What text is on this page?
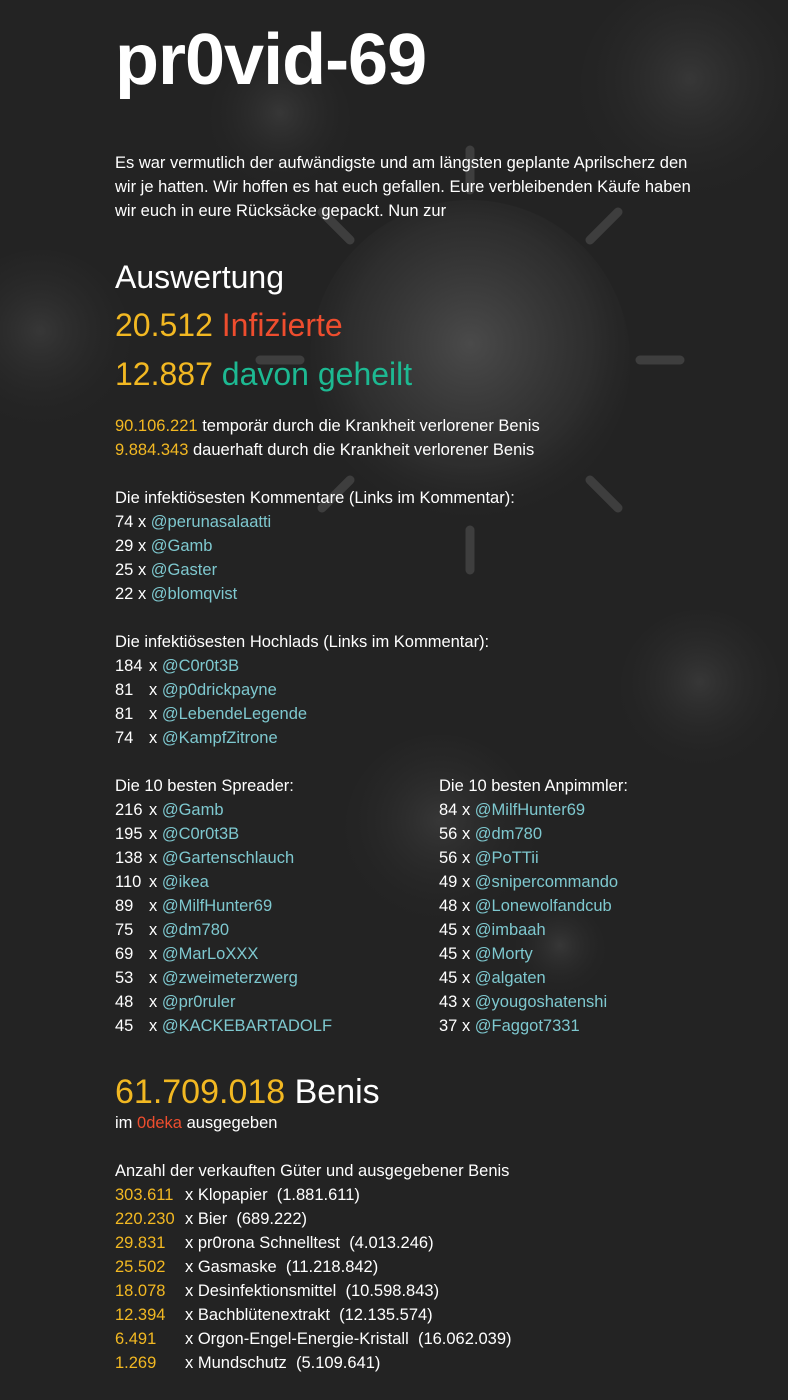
pr0vid-69
Es war vermutlich der aufwändigste und am längsten geplante Aprilscherz den wir je hatten. Wir hoffen es hat euch gefallen. Eure verbleibenden Käufe haben wir euch in eure Rücksäcke gepackt. Nun zur
Auswertung
20.512 Infizierte
12.887 davon geheilt
90.106.221 temporär durch die Krankheit verlorener Benis
9.884.343 dauerhaft durch die Krankheit verlorener Benis
Die infektiösesten Kommentare (Links im Kommentar):
74 x @perunasalaatti
29 x @Gamb
25 x @Gaster
22 x @blomqvist
Die infektiösesten Hochlads (Links im Kommentar):
184 x @C0r0t3B
81 x @p0drickpayne
81 x @LebendeLegende
74 x @KampfZitrone
Die 10 besten Spreader:
216 x @Gamb
195 x @C0r0t3B
138 x @Gartenschlauch
110 x @ikea
89 x @MilfHunter69
75 x @dm780
69 x @MarLoXXX
53 x @zweimeterzwerg
48 x @pr0ruler
45 x @KACKEBARTADOLF
Die 10 besten Anpimmler:
84 x @MilfHunter69
56 x @dm780
56 x @PoTTii
49 x @snipercommando
48 x @Lonewolfandcub
45 x @imbaah
45 x @Morty
45 x @algaten
43 x @yougoshatenshi
37 x @Faggot7331
61.709.018 Benis
im 0deka ausgegeben
Anzahl der verkauften Güter und ausgegebener Benis
303.611 x Klopapier (1.881.611)
220.230 x Bier (689.222)
29.831 x pr0rona Schnelltest (4.013.246)
25.502 x Gasmaske (11.218.842)
18.078 x Desinfektionsmittel (10.598.843)
12.394 x Bachblütenextrakt (12.135.574)
6.491 x Orgon-Engel-Energie-Kristall (16.062.039)
1.269 x Mundschutz (5.109.641)
